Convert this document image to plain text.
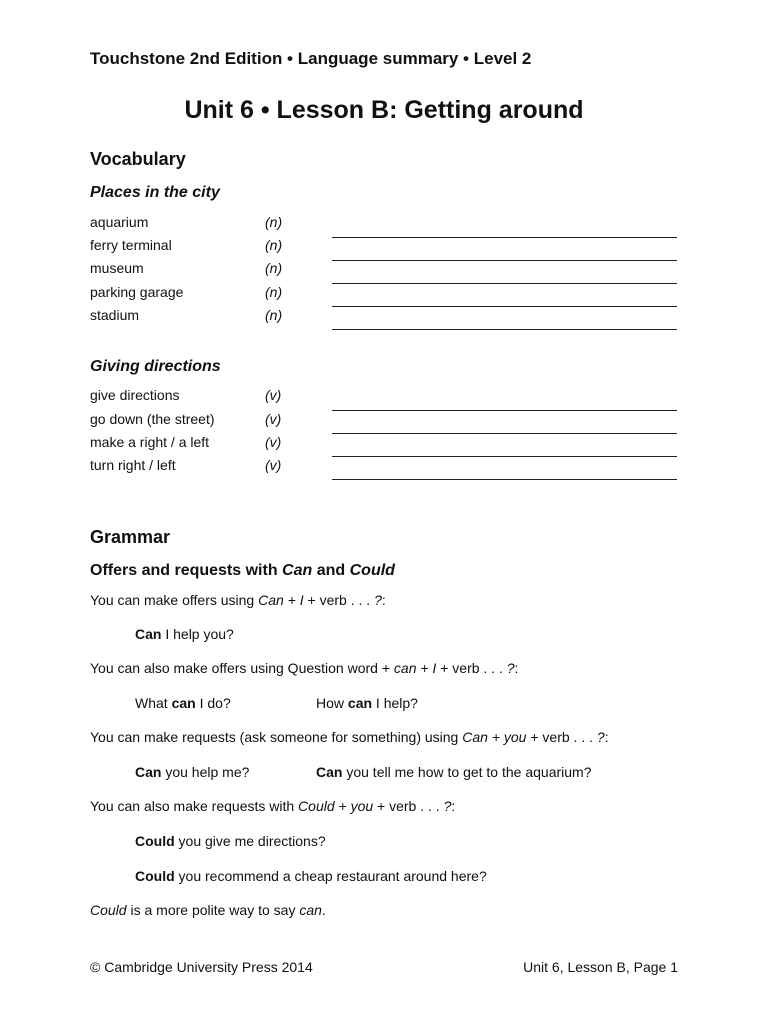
Touchstone 2nd Edition • Language summary • Level 2
Unit 6 • Lesson B: Getting around
Vocabulary
Places in the city
aquarium	(n)
ferry terminal	(n)
museum	(n)
parking garage	(n)
stadium	(n)
Giving directions
give directions	(v)
go down (the street)	(v)
make a right / a left	(v)
turn right / left	(v)
Grammar
Offers and requests with Can and Could
You can make offers using Can + I + verb . . . ?:
Can I help you?
You can also make offers using Question word + can + I + verb . . . ?:
What can I do?	How can I help?
You can make requests (ask someone for something) using Can + you + verb . . . ?:
Can you help me?	Can you tell me how to get to the aquarium?
You can also make requests with Could + you + verb . . . ?:
Could you give me directions?
Could you recommend a cheap restaurant around here?
Could is a more polite way to say can.
© Cambridge University Press 2014	Unit 6, Lesson B, Page 1
